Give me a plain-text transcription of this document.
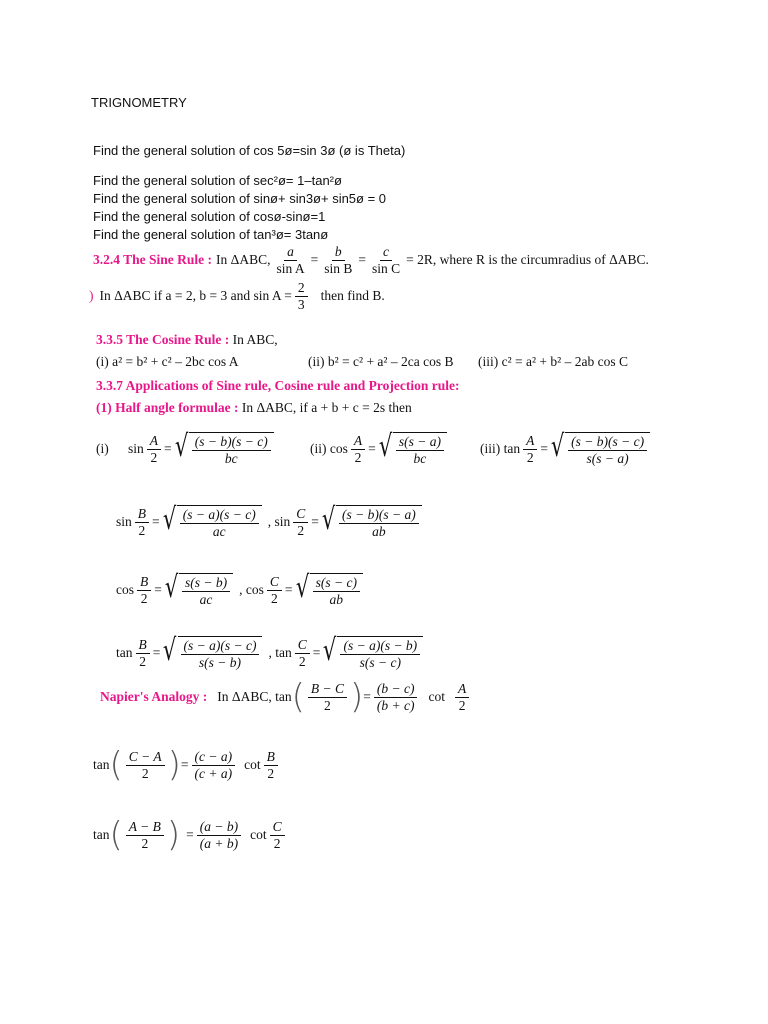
TRIGNOMETRY
Find the general solution of cos 5ø=sin 3ø (ø is Theta)
Find the general solution of sec²ø= 1–tan²ø
Find the general solution of sinø+ sin3ø+ sin5ø = 0
Find the general solution of cosø-sinø=1
Find the general solution of tan³ø= 3tanø
3.2.4 The Sine Rule : In ΔABC, $\frac{a}{\text{sin A}} = \frac{b}{\text{sin B}} = \frac{c}{\text{sin C}} = 2R$, where R is the circumradius of ΔABC.
) In ΔABC if a = 2, b = 3 and $\sin A = \frac{2}{3}$ then find B.
3.3.5 The Cosine Rule : In ABC,
(i) a² = b² + c² – 2bc cos A	(ii) b² = c² + a² – 2ca cos B (iii) c² = a² + b² – 2ab cos C
3.3.7 Applications of Sine rule, Cosine rule and Projection rule:
(1) Half angle formulae : In ΔABC, if a + b + c = 2s then
(i)	$\sin \frac{A}{2}$ = √ $\frac{(s - b)(s - c)}{bc}$	(ii) $\cos \frac{A}{2}$ = √ $\frac{s(s - a)}{bc}$	(iii) $\tan \frac{A}{2}$ = √ $\frac{(s - b)(s - c)}{s(s - a)}$
$\sin \frac{B}{2}$ = √ $\frac{(s - a)(s - c)}{ac}$ , $\sin \frac{C}{2}$ = √ $\frac{(s - b)(s - a)}{ab}$
$\cos \frac{B}{2}$ = √ $\frac{s(s - b)}{ac}$ , $\cos \frac{C}{2}$ = √ $\frac{s(s - c)}{ab}$
$\tan \frac{B}{2}$ = √ $\frac{(s - a)(s - c)}{s(s - b)}$ , $\tan \frac{C}{2}$ = √ $\frac{(s - a)(s - b)}{s(s - c)}$
Napier's Analogy : In ΔABC, tan ( $\frac{B - C}{2}$ ) = $\frac{(b - c)}{(b + c)}$ $\cot \frac{A}{2}$
tan ( $\frac{C - A}{2}$ ) = $\frac{(c - a)}{(c + a)}$ $\cot \frac{B}{2}$
tan ( $\frac{A - B}{2}$ ) = $\frac{(a - b)}{(a + b)}$ $\cot \frac{C}{2}$
